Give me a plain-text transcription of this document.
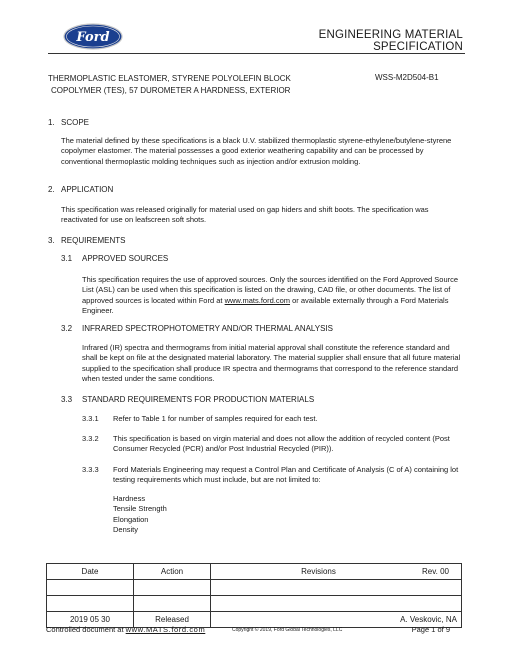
Ford	ENGINEERING MATERIAL SPECIFICATION
THERMOPLASTIC ELASTOMER, STYRENE POLYOLEFIN BLOCK
COPOLYMER (TES), 57 DUROMETER A HARDNESS, EXTERIOR
WSS-M2D504-B1
1. SCOPE
The material defined by these specifications is a black U.V. stabilized thermoplastic styrene-ethylene/butylene-styrene copolymer elastomer. The material possesses a good exterior weathering capability and can be processed by conventional thermoplastic molding techniques such as injection and/or extrusion molding.
2. APPLICATION
This specification was released originally for material used on gap hiders and shift boots. The specification was reactivated for use on leafscreen soft shots.
3. REQUIREMENTS
3.1 APPROVED SOURCES
This specification requires the use of approved sources. Only the sources identified on the Ford Approved Source List (ASL) can be used when this specification is listed on the drawing, CAD file, or other documents. The list of approved sources is located within Ford at www.mats.ford.com or available externally through a Ford Materials Engineer.
3.2 INFRARED SPECTROPHOTOMETRY AND/OR THERMAL ANALYSIS
Infrared (IR) spectra and thermograms from initial material approval shall constitute the reference standard and shall be kept on file at the designated material laboratory. The material supplier shall ensure that all future material supplied to the specification shall produce IR spectra and thermograms that correspond to the reference standard when tested under the same conditions.
3.3 STANDARD REQUIREMENTS FOR PRODUCTION MATERIALS
3.3.1 Refer to Table 1 for number of samples required for each test.
3.3.2 This specification is based on virgin material and does not allow the addition of recycled content (Post Consumer Recycled (PCR) and/or Post Industrial Recycled (PIR)).
3.3.3 Ford Materials Engineering may request a Control Plan and Certificate of Analysis (C of A) containing lot testing requirements which must include, but are not limited to:
Hardness
Tensile Strength
Elongation
Density
Date	Action	Revisions Rev. 00

2019 05 30	Released	A. Veskovic, NA
Controlled document at www.MATS.ford.com	Copyright © 2019, Ford Global Technologies, LLC	Page 1 of 9
